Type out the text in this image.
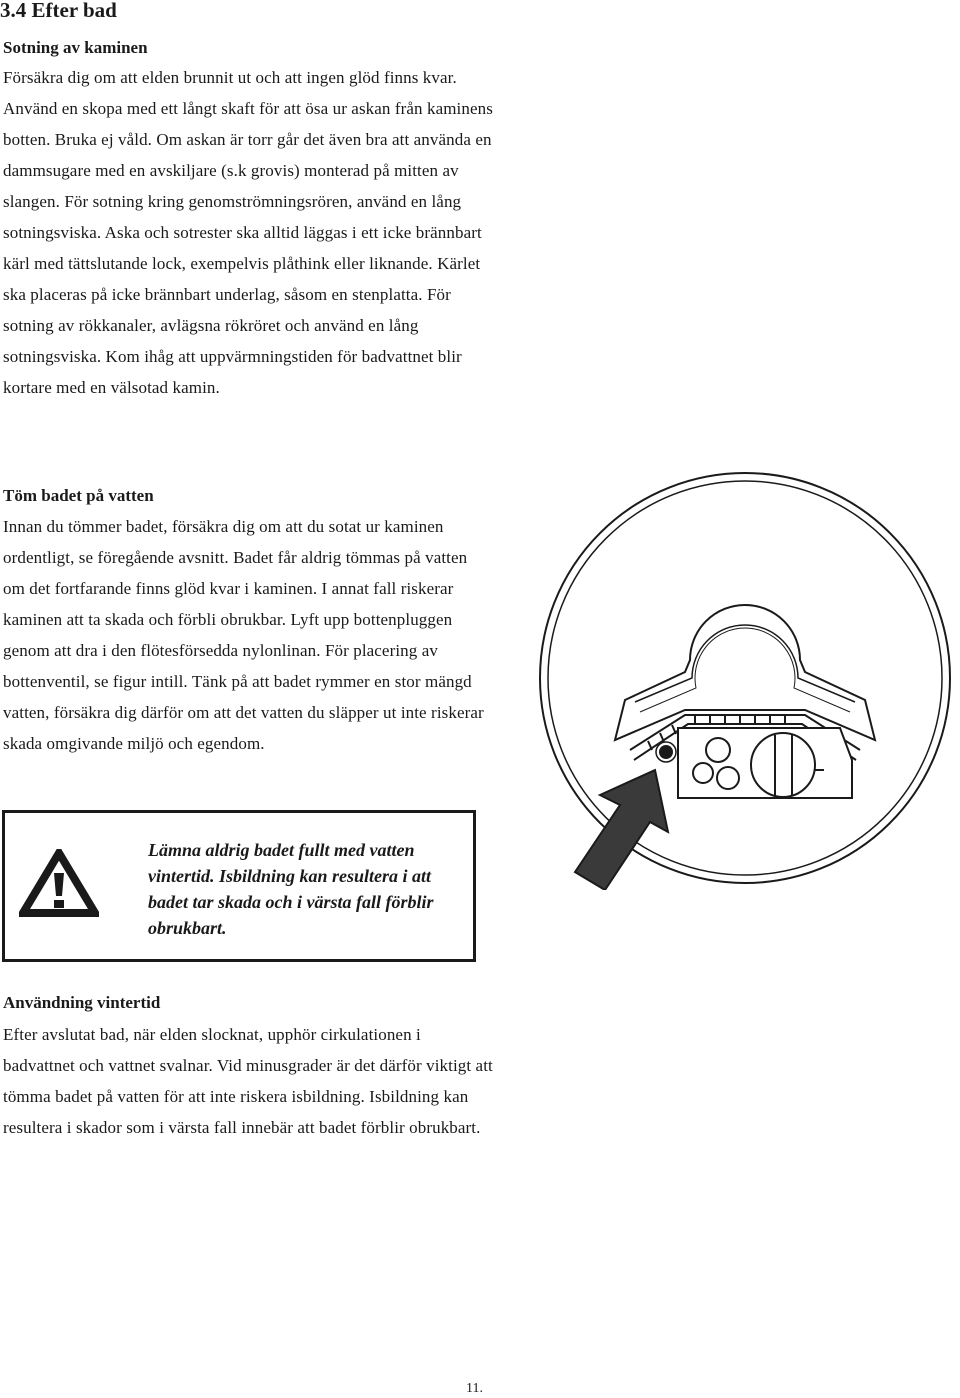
3.4 Efter bad
Sotning av kaminen

Försäkra dig om att elden brunnit ut och att ingen glöd finns kvar. Använd en skopa med ett långt skaft för att ösa ur askan från kaminens botten. Bruka ej våld. Om askan är torr går det även bra att använda en dammsugare med en avskiljare (s.k grovis) monterad på mitten av slangen. För sotning kring genomströmningsrören, använd en lång sotningsviska. Aska och sotrester ska alltid läggas i ett icke brännbart kärl med tättslutande lock, exempelvis plåthink eller liknande. Kärlet ska placeras på icke brännbart underlag, såsom en stenplatta. För sotning av rökkanaler, avlägsna rökröret och använd en lång sotningsviska. Kom ihåg att uppvärmningstiden för badvattnet blir kortare med en välsotad kamin.

Töm badet på vatten

Innan du tömmer badet, försäkra dig om att du sotat ur kaminen ordentligt, se föregående avsnitt. Badet får aldrig tömmas på vatten om det fortfarande finns glöd kvar i kaminen. I annat fall riskerar kaminen att ta skada och förbli obrukbar. Lyft upp bottenpluggen genom att dra i den flötesförsedda nylonlinan. För placering av bottenventil, se figur intill. Tänk på att badet rymmer en stor mängd vatten, försäkra dig därför om att det vatten du släpper ut inte riskerar skada omgivande miljö och egendom.

Lämna aldrig badet fullt med vatten vintertid. Isbildning kan resultera i att badet tar skada och i värsta fall förblir obrukbart.

Användning vintertid

Efter avslutat bad, när elden slocknat, upphör cirkulationen i badvattnet och vattnet svalnar. Vid minusgrader är det därför viktigt att tömma badet på vatten för att inte riskera isbildning. Isbildning kan resultera i skador som i värsta fall innebär att badet förblir obrukbart.

11.
